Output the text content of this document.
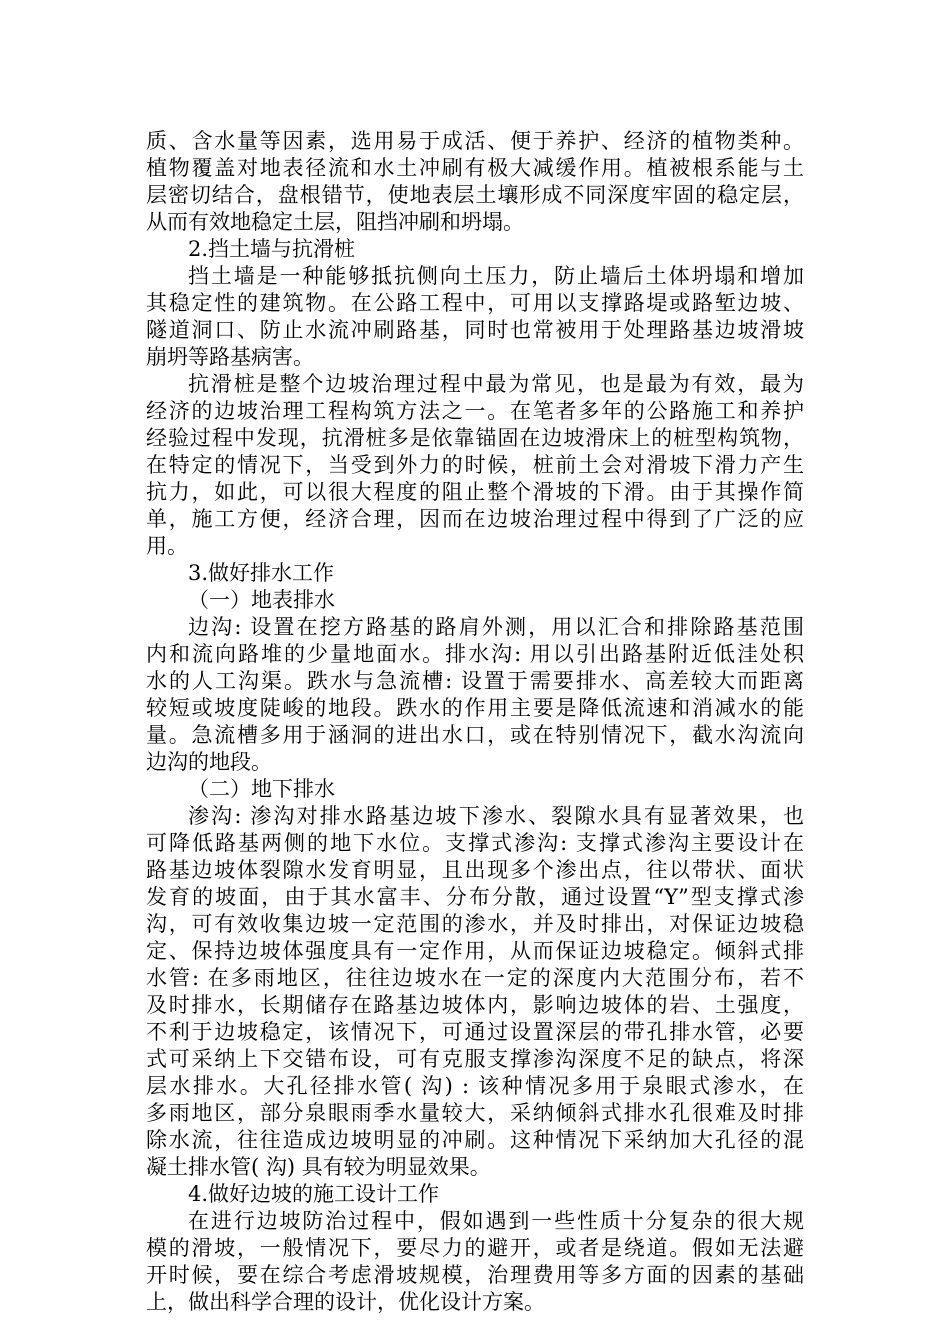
质、含水量等因素，选用易于成活、便于养护、经济的植物类种。
植物覆盖对地表径流和水土冲刷有极大减缓作用。植被根系能与土
层密切结合，盘根错节，使地表层土壤形成不同深度牢固的稳定层，
从而有效地稳定土层，阻挡冲刷和坍塌。
2.挡土墙与抗滑桩
挡土墙是一种能够抵抗侧向土压力，防止墙后土体坍塌和增加
其稳定性的建筑物。在公路工程中，可用以支撑路堤或路堑边坡、
隧道洞口、防止水流冲刷路基，同时也常被用于处理路基边坡滑坡
崩坍等路基病害。
抗滑桩是整个边坡治理过程中最为常见，也是最为有效，最为
经济的边坡治理工程构筑方法之一。在笔者多年的公路施工和养护
经验过程中发现，抗滑桩多是依靠锚固在边坡滑床上的桩型构筑物，
在特定的情况下，当受到外力的时候，桩前土会对滑坡下滑力产生
抗力，如此，可以很大程度的阻止整个滑坡的下滑。由于其操作简
单，施工方便，经济合理，因而在边坡治理过程中得到了广泛的应
用。
3.做好排水工作
（一）地表排水
边沟: 设置在挖方路基的路肩外测，用以汇合和排除路基范围
内和流向路堆的少量地面水。排水沟: 用以引出路基附近低洼处积
水的人工沟渠。跌水与急流槽: 设置于需要排水、高差较大而距离
较短或坡度陡峻的地段。跌水的作用主要是降低流速和消减水的能
量。急流槽多用于涵洞的进出水口，或在特别情况下，截水沟流向
边沟的地段。
（二）地下排水
渗沟: 渗沟对排水路基边坡下渗水、裂隙水具有显著效果，也
可降低路基两侧的地下水位。支撑式渗沟: 支撑式渗沟主要设计在
路基边坡体裂隙水发育明显，且出现多个渗出点，往以带状、面状
发育的坡面，由于其水富丰、分布分散，通过设置“Y”型支撑式渗
沟，可有效收集边坡一定范围的渗水，并及时排出，对保证边坡稳
定、保持边坡体强度具有一定作用，从而保证边坡稳定。倾斜式排
水管: 在多雨地区，往往边坡水在一定的深度内大范围分布，若不
及时排水，长期储存在路基边坡体内，影响边坡体的岩、土强度，
不利于边坡稳定，该情况下，可通过设置深层的带孔排水管，必要
式可采纳上下交错布设，可有克服支撑渗沟深度不足的缺点，将深
层水排水。大孔径排水管( 沟) : 该种情况多用于泉眼式渗水，在
多雨地区，部分泉眼雨季水量较大，采纳倾斜式排水孔很难及时排
除水流，往往造成边坡明显的冲刷。这种情况下采纳加大孔径的混
凝土排水管( 沟) 具有较为明显效果。
4.做好边坡的施工设计工作
在进行边坡防治过程中，假如遇到一些性质十分复杂的很大规
模的滑坡，一般情况下，要尽力的避开，或者是绕道。假如无法避
开时候，要在综合考虑滑坡规模，治理费用等多方面的因素的基础
上，做出科学合理的设计，优化设计方案。
